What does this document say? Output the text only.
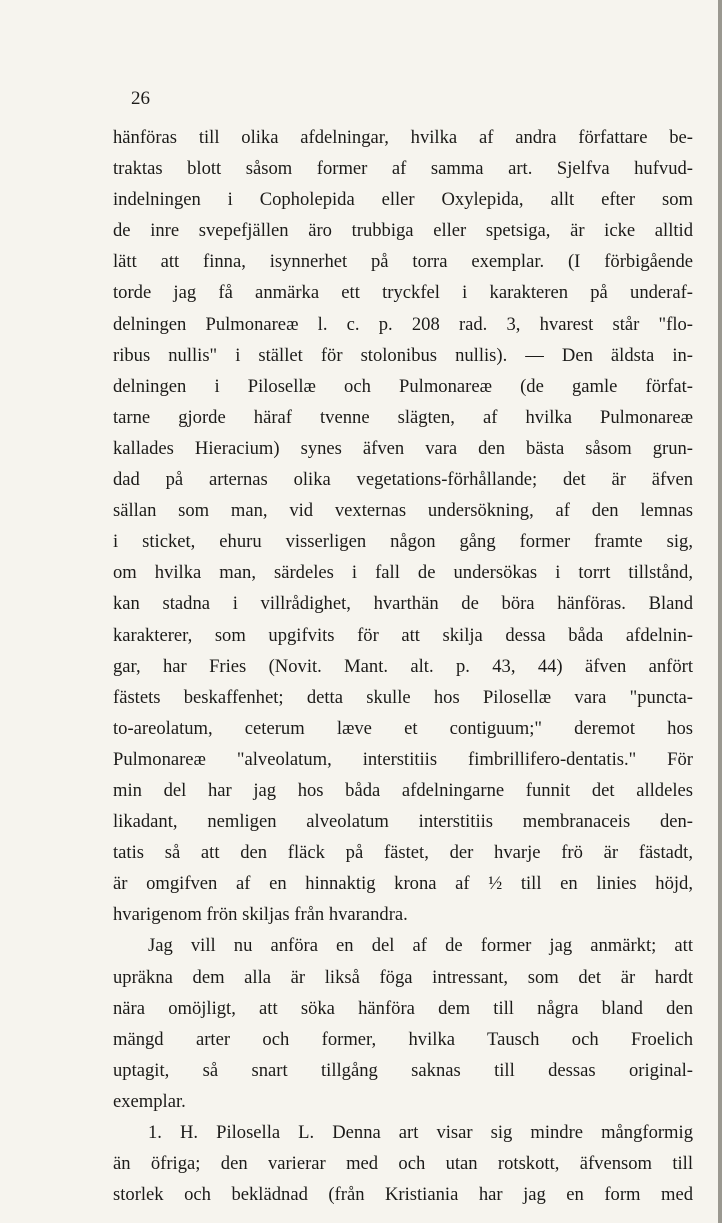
26
hänföras till olika afdelningar, hvilka af andra författare be-
traktas blott såsom former af samma art. Sjelfva hufvud-
indelningen i Copholepida eller Oxylepida, allt efter som
de inre svepefjällen äro trubbiga eller spetsiga, är icke alltid
lätt att finna, isynnerhet på torra exemplar. (I förbigående
torde jag få anmärka ett tryckfel i karakteren på underaf-
delningen Pulmonareæ l. c. p. 208 rad. 3, hvarest står "flo-
ribus nullis" i stället för stolonibus nullis). — Den äldsta in-
delningen i Pilosellæ och Pulmonareæ (de gamle förfat-
tarne gjorde häraf tvenne slägten, af hvilka Pulmonareæ
kallades Hieracium) synes äfven vara den bästa såsom grun-
dad på arternas olika vegetations-förhållande; det är äfven
sällan som man, vid vexternas undersökning, af den lemnas
i sticket, ehuru visserligen någon gång former framte sig,
om hvilka man, särdeles i fall de undersökas i torrt tillstånd,
kan stadna i villrådighet, hvarthän de böra hänföras. Bland
karakterer, som upgifvits för att skilja dessa båda afdelnin-
gar, har Fries (Novit. Mant. alt. p. 43, 44) äfven anfört
fästets beskaffenhet; detta skulle hos Pilosellæ vara "puncta-
to-areolatum, ceterum læve et contiguum;" deremot hos
Pulmonareæ "alveolatum, interstitiis fimbrillifero-dentatis." För
min del har jag hos båda afdelningarne funnit det alldeles
likadant, nemligen alveolatum interstitiis membranaceis den-
tatis så att den fläck på fästet, der hvarje frö är fästadt,
är omgifven af en hinnaktig krona af ½ till en linies höjd,
hvarigenom frön skiljas från hvarandra.
Jag vill nu anföra en del af de former jag anmärkt; att
upräkna dem alla är likså föga intressant, som det är hardt
nära omöjligt, att söka hänföra dem till några bland den
mängd arter och former, hvilka Tausch och Froelich
uptagit, så snart tillgång saknas till dessas original-
exemplar.
1. H. Pilosella L. Denna art visar sig mindre mångformig
än öfriga; den varierar med och utan rotskott, äfvensom till
storlek och beklädnad (från Kristiania har jag en form med
